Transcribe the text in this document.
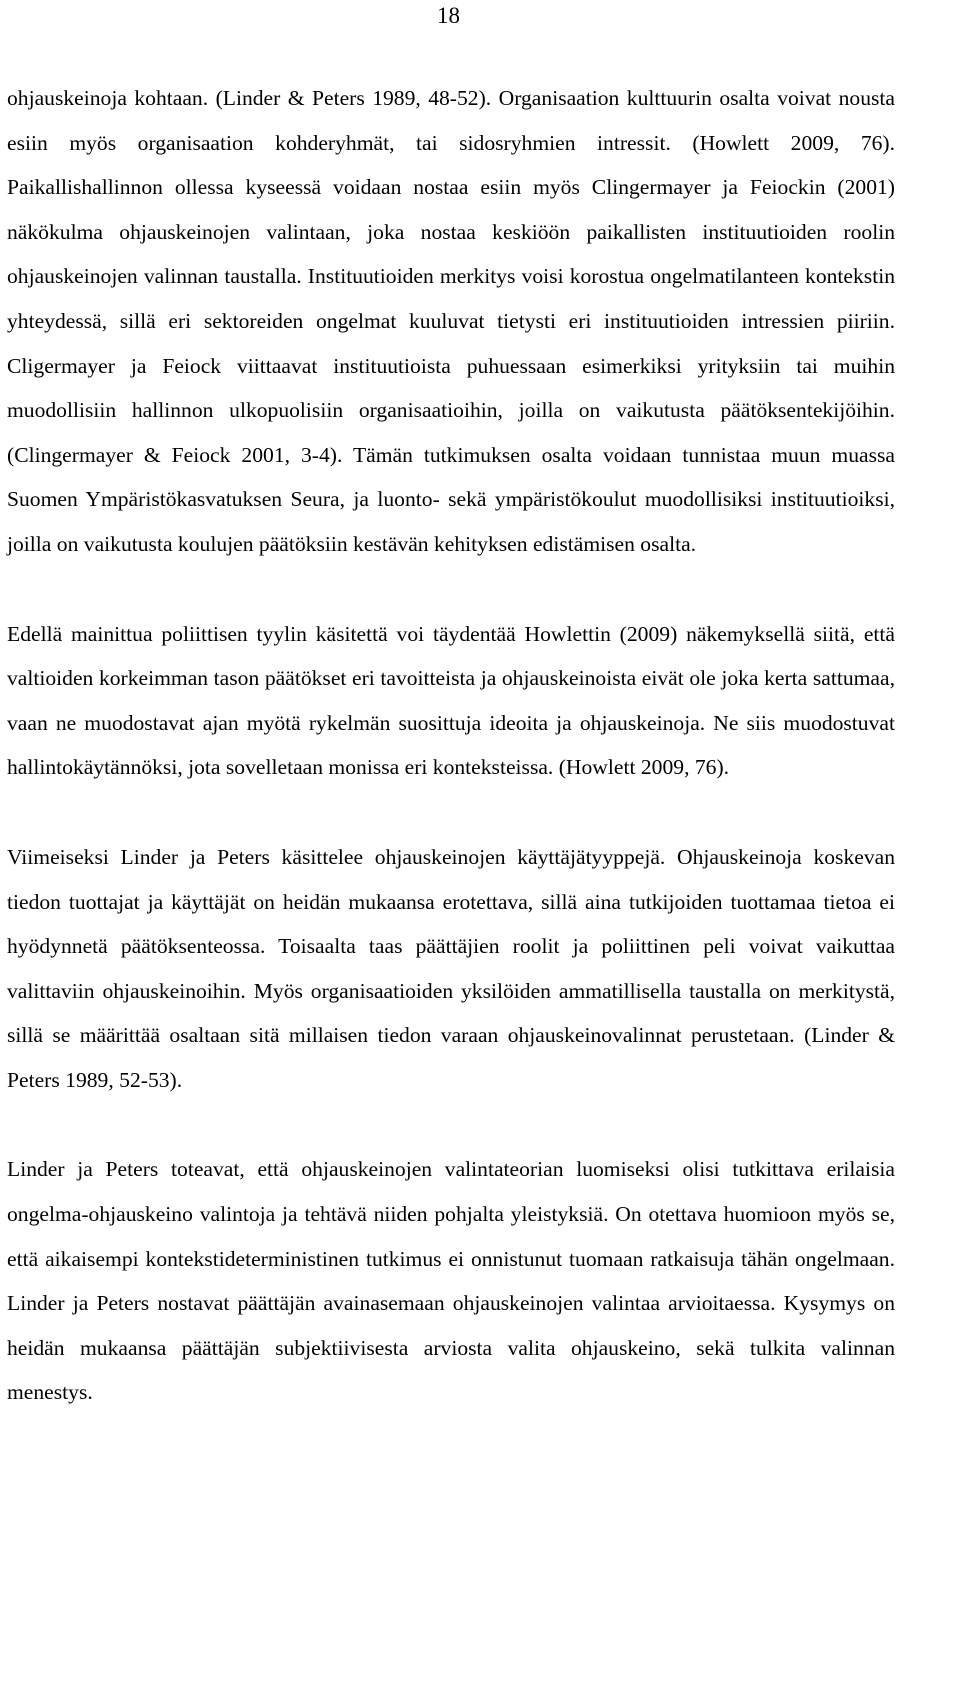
18

ohjauskeinoja kohtaan. (Linder & Peters 1989, 48-52). Organisaation kulttuurin osalta voivat nousta esiin myös organisaation kohderyhmät, tai sidosryhmien intressit. (Howlett 2009, 76). Paikallishallinnon ollessa kyseessä voidaan nostaa esiin myös Clingermayer ja Feiockin (2001) näkökulma ohjauskeinojen valintaan, joka nostaa keskiöön paikallisten instituutioiden roolin ohjauskeinojen valinnan taustalla. Instituutioiden merkitys voisi korostua ongelmatilanteen kontekstin yhteydessä, sillä eri sektoreiden ongelmat kuuluvat tietysti eri instituutioiden intressien piiriin. Cligermayer ja Feiock viittaavat instituutioista puhuessaan esimerkiksi yrityksiin tai muihin muodollisiin hallinnon ulkopuolisiin organisaatioihin, joilla on vaikutusta päätöksentekijöihin. (Clingermayer & Feiock 2001, 3-4). Tämän tutkimuksen osalta voidaan tunnistaa muun muassa Suomen Ympäristökasvatuksen Seura, ja luonto- sekä ympäristökoulut muodollisiksi instituutioiksi, joilla on vaikutusta koulujen päätöksiin kestävän kehityksen edistämisen osalta.

Edellä mainittua poliittisen tyylin käsitettä voi täydentää Howlettin (2009) näkemyksellä siitä, että valtioiden korkeimman tason päätökset eri tavoitteista ja ohjauskeinoista eivät ole joka kerta sattumaa, vaan ne muodostavat ajan myötä rykelmän suosittuja ideoita ja ohjauskeinoja. Ne siis muodostuvat hallintokäytännöksi, jota sovelletaan monissa eri konteksteissa. (Howlett 2009, 76).

Viimeiseksi Linder ja Peters käsittelee ohjauskeinojen käyttäjätyyppejä. Ohjauskeinoja koskevan tiedon tuottajat ja käyttäjät on heidän mukaansa erotettava, sillä aina tutkijoiden tuottamaa tietoa ei hyödynnetä päätöksenteossa. Toisaalta taas päättäjien roolit ja poliittinen peli voivat vaikuttaa valittaviin ohjauskeinoihin. Myös organisaatioiden yksilöiden ammatillisella taustalla on merkitystä, sillä se määrittää osaltaan sitä millaisen tiedon varaan ohjauskeinovalinnat perustetaan. (Linder & Peters 1989, 52-53).

Linder ja Peters toteavat, että ohjauskeinojen valintateorian luomiseksi olisi tutkittava erilaisia ongelma-ohjauskeino valintoja ja tehtävä niiden pohjalta yleistyksiä. On otettava huomioon myös se, että aikaisempi kontekstideterministinen tutkimus ei onnistunut tuomaan ratkaisuja tähän ongelmaan. Linder ja Peters nostavat päättäjän avainasemaan ohjauskeinojen valintaa arvioitaessa. Kysymys on heidän mukaansa päättäjän subjektiivisesta arviosta valita ohjauskeino, sekä tulkita valinnan menestys.
